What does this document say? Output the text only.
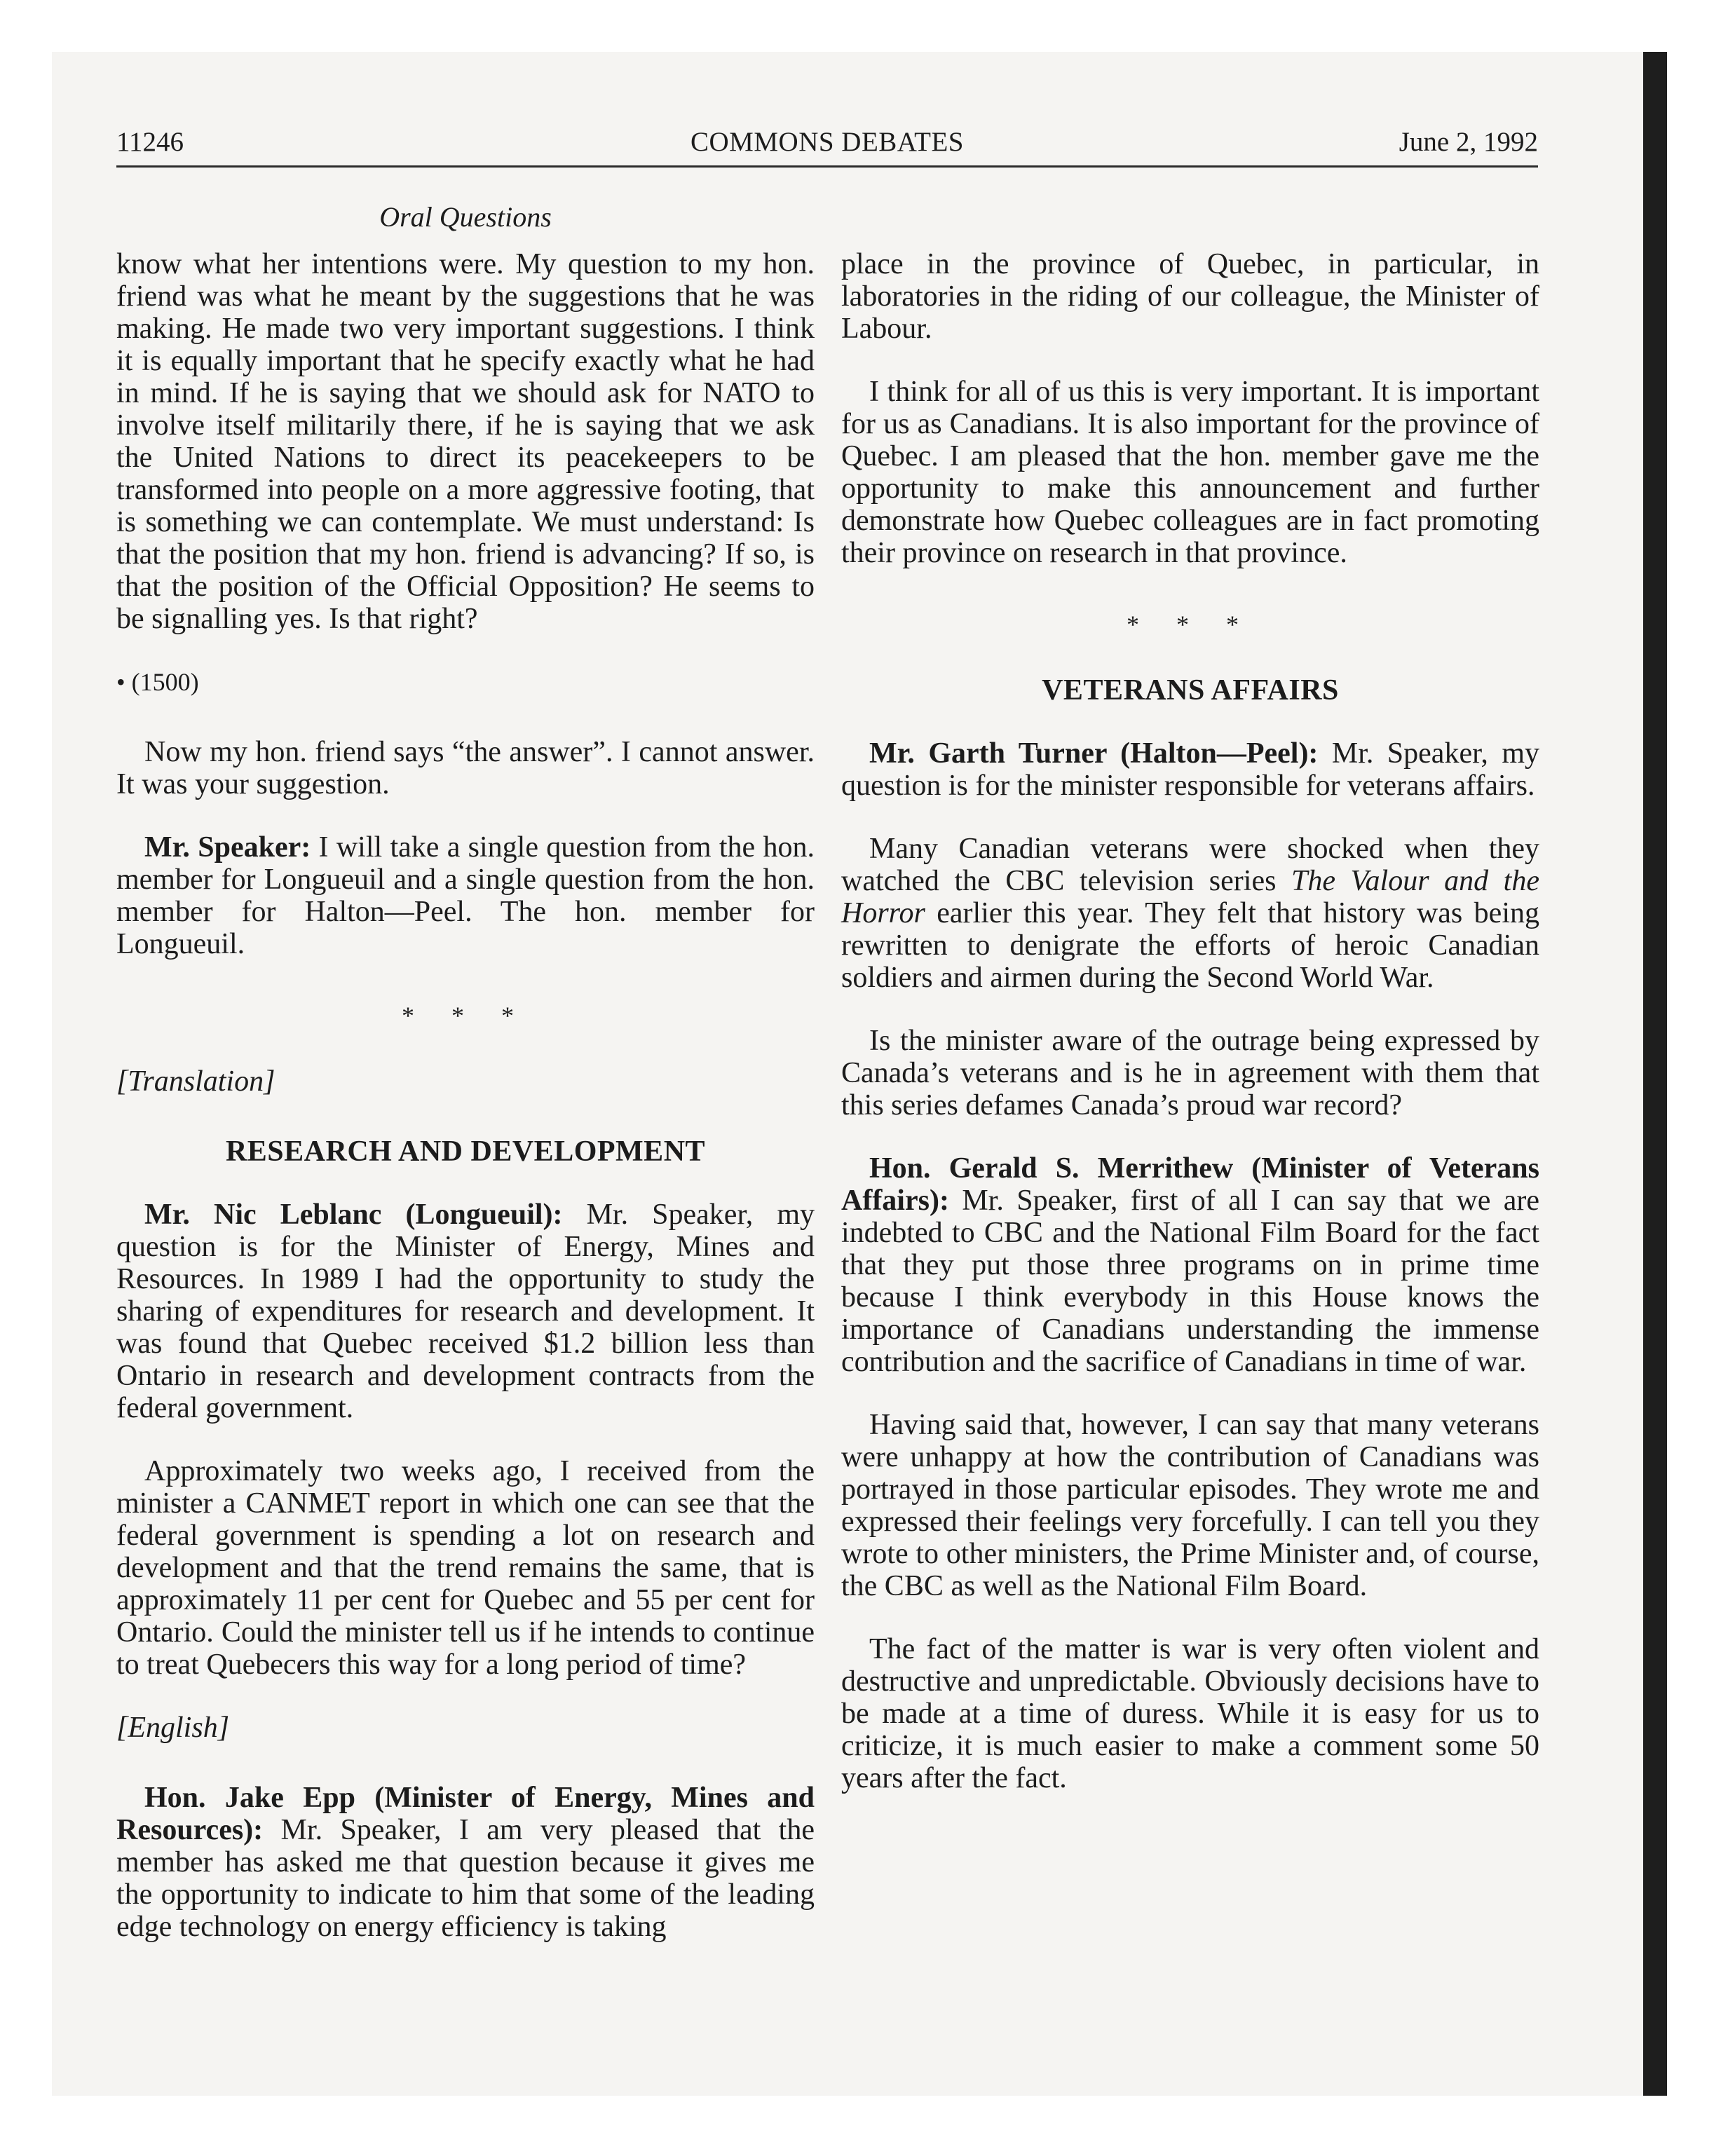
11246	COMMONS DEBATES	June 2, 1992
Oral Questions

know what her intentions were. My question to my hon. friend was what he meant by the suggestions that he was making. He made two very important suggestions. I think it is equally important that he specify exactly what he had in mind. If he is saying that we should ask for NATO to involve itself militarily there, if he is saying that we ask the United Nations to direct its peacekeepers to be transformed into people on a more aggressive footing, that is something we can contemplate. We must understand: Is that the position that my hon. friend is advancing? If so, is that the position of the Official Opposition? He seems to be signalling yes. Is that right?

• (1500)

Now my hon. friend says “the answer”. I cannot answer. It was your suggestion.

Mr. Speaker: I will take a single question from the hon. member for Longueuil and a single question from the hon. member for Halton—Peel. The hon. member for Longueuil.

* * *

[Translation]

RESEARCH AND DEVELOPMENT

Mr. Nic Leblanc (Longueuil): Mr. Speaker, my question is for the Minister of Energy, Mines and Resources. In 1989 I had the opportunity to study the sharing of expenditures for research and development. It was found that Quebec received $1.2 billion less than Ontario in research and development contracts from the federal government.

Approximately two weeks ago, I received from the minister a CANMET report in which one can see that the federal government is spending a lot on research and development and that the trend remains the same, that is approximately 11 per cent for Quebec and 55 per cent for Ontario. Could the minister tell us if he intends to continue to treat Quebecers this way for a long period of time?

[English]

Hon. Jake Epp (Minister of Energy, Mines and Resources): Mr. Speaker, I am very pleased that the member has asked me that question because it gives me the opportunity to indicate to him that some of the leading edge technology on energy efficiency is taking

place in the province of Quebec, in particular, in laboratories in the riding of our colleague, the Minister of Labour.

I think for all of us this is very important. It is important for us as Canadians. It is also important for the province of Quebec. I am pleased that the hon. member gave me the opportunity to make this announcement and further demonstrate how Quebec colleagues are in fact promoting their province on research in that province.

* * *
VETERANS AFFAIRS

Mr. Garth Turner (Halton—Peel): Mr. Speaker, my question is for the minister responsible for veterans affairs.

Many Canadian veterans were shocked when they watched the CBC television series The Valour and the Horror earlier this year. They felt that history was being rewritten to denigrate the efforts of heroic Canadian soldiers and airmen during the Second World War.

Is the minister aware of the outrage being expressed by Canada’s veterans and is he in agreement with them that this series defames Canada’s proud war record?

Hon. Gerald S. Merrithew (Minister of Veterans Affairs): Mr. Speaker, first of all I can say that we are indebted to CBC and the National Film Board for the fact that they put those three programs on in prime time because I think everybody in this House knows the importance of Canadians understanding the immense contribution and the sacrifice of Canadians in time of war.

Having said that, however, I can say that many veterans were unhappy at how the contribution of Canadians was portrayed in those particular episodes. They wrote me and expressed their feelings very forcefully. I can tell you they wrote to other ministers, the Prime Minister and, of course, the CBC as well as the National Film Board.

The fact of the matter is war is very often violent and destructive and unpredictable. Obviously decisions have to be made at a time of duress. While it is easy for us to criticize, it is much easier to make a comment some 50 years after the fact.
